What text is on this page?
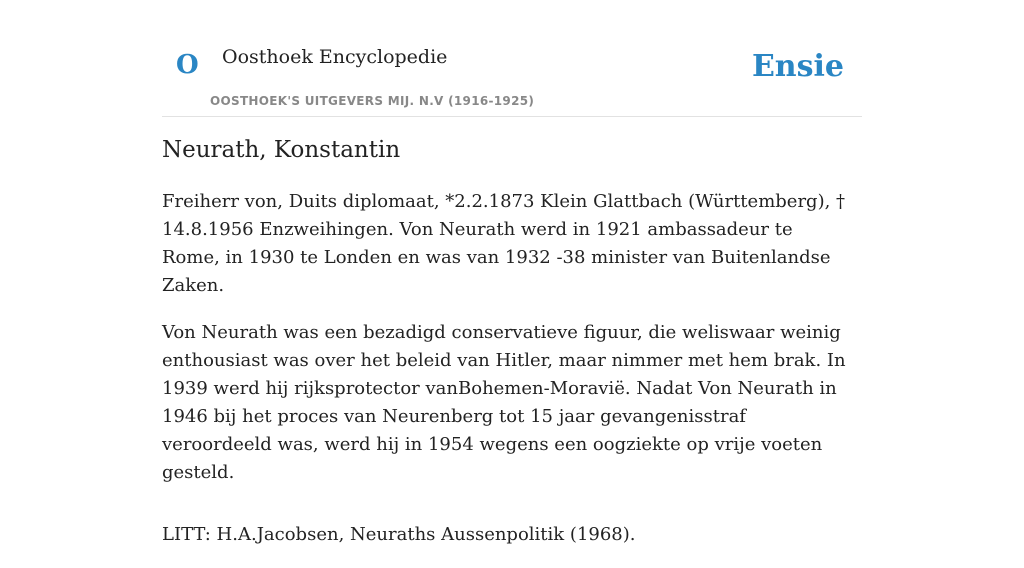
O Oosthoek Encyclopedie
OOSTHOEK'S UITGEVERS MIJ. N.V (1916-1925)
Ensie
Neurath, Konstantin

Freiherr von, Duits diplomaat, *2.2.1873 Klein Glattbach (Württemberg), † 14.8.1956 Enzweihingen. Von Neurath werd in 1921 ambassadeur te Rome, in 1930 te Londen en was van 1932 -38 minister van Buitenlandse Zaken.

Von Neurath was een bezadigd conservatieve figuur, die weliswaar weinig enthousiast was over het beleid van Hitler, maar nimmer met hem brak. In 1939 werd hij rijksprotector vanBohemen-Moravië. Nadat Von Neurath in 1946 bij het proces van Neurenberg tot 15 jaar gevangenisstraf veroordeeld was, werd hij in 1954 wegens een oogziekte op vrije voeten gesteld.

LITT: H.A.Jacobsen, Neuraths Aussenpolitik (1968).
